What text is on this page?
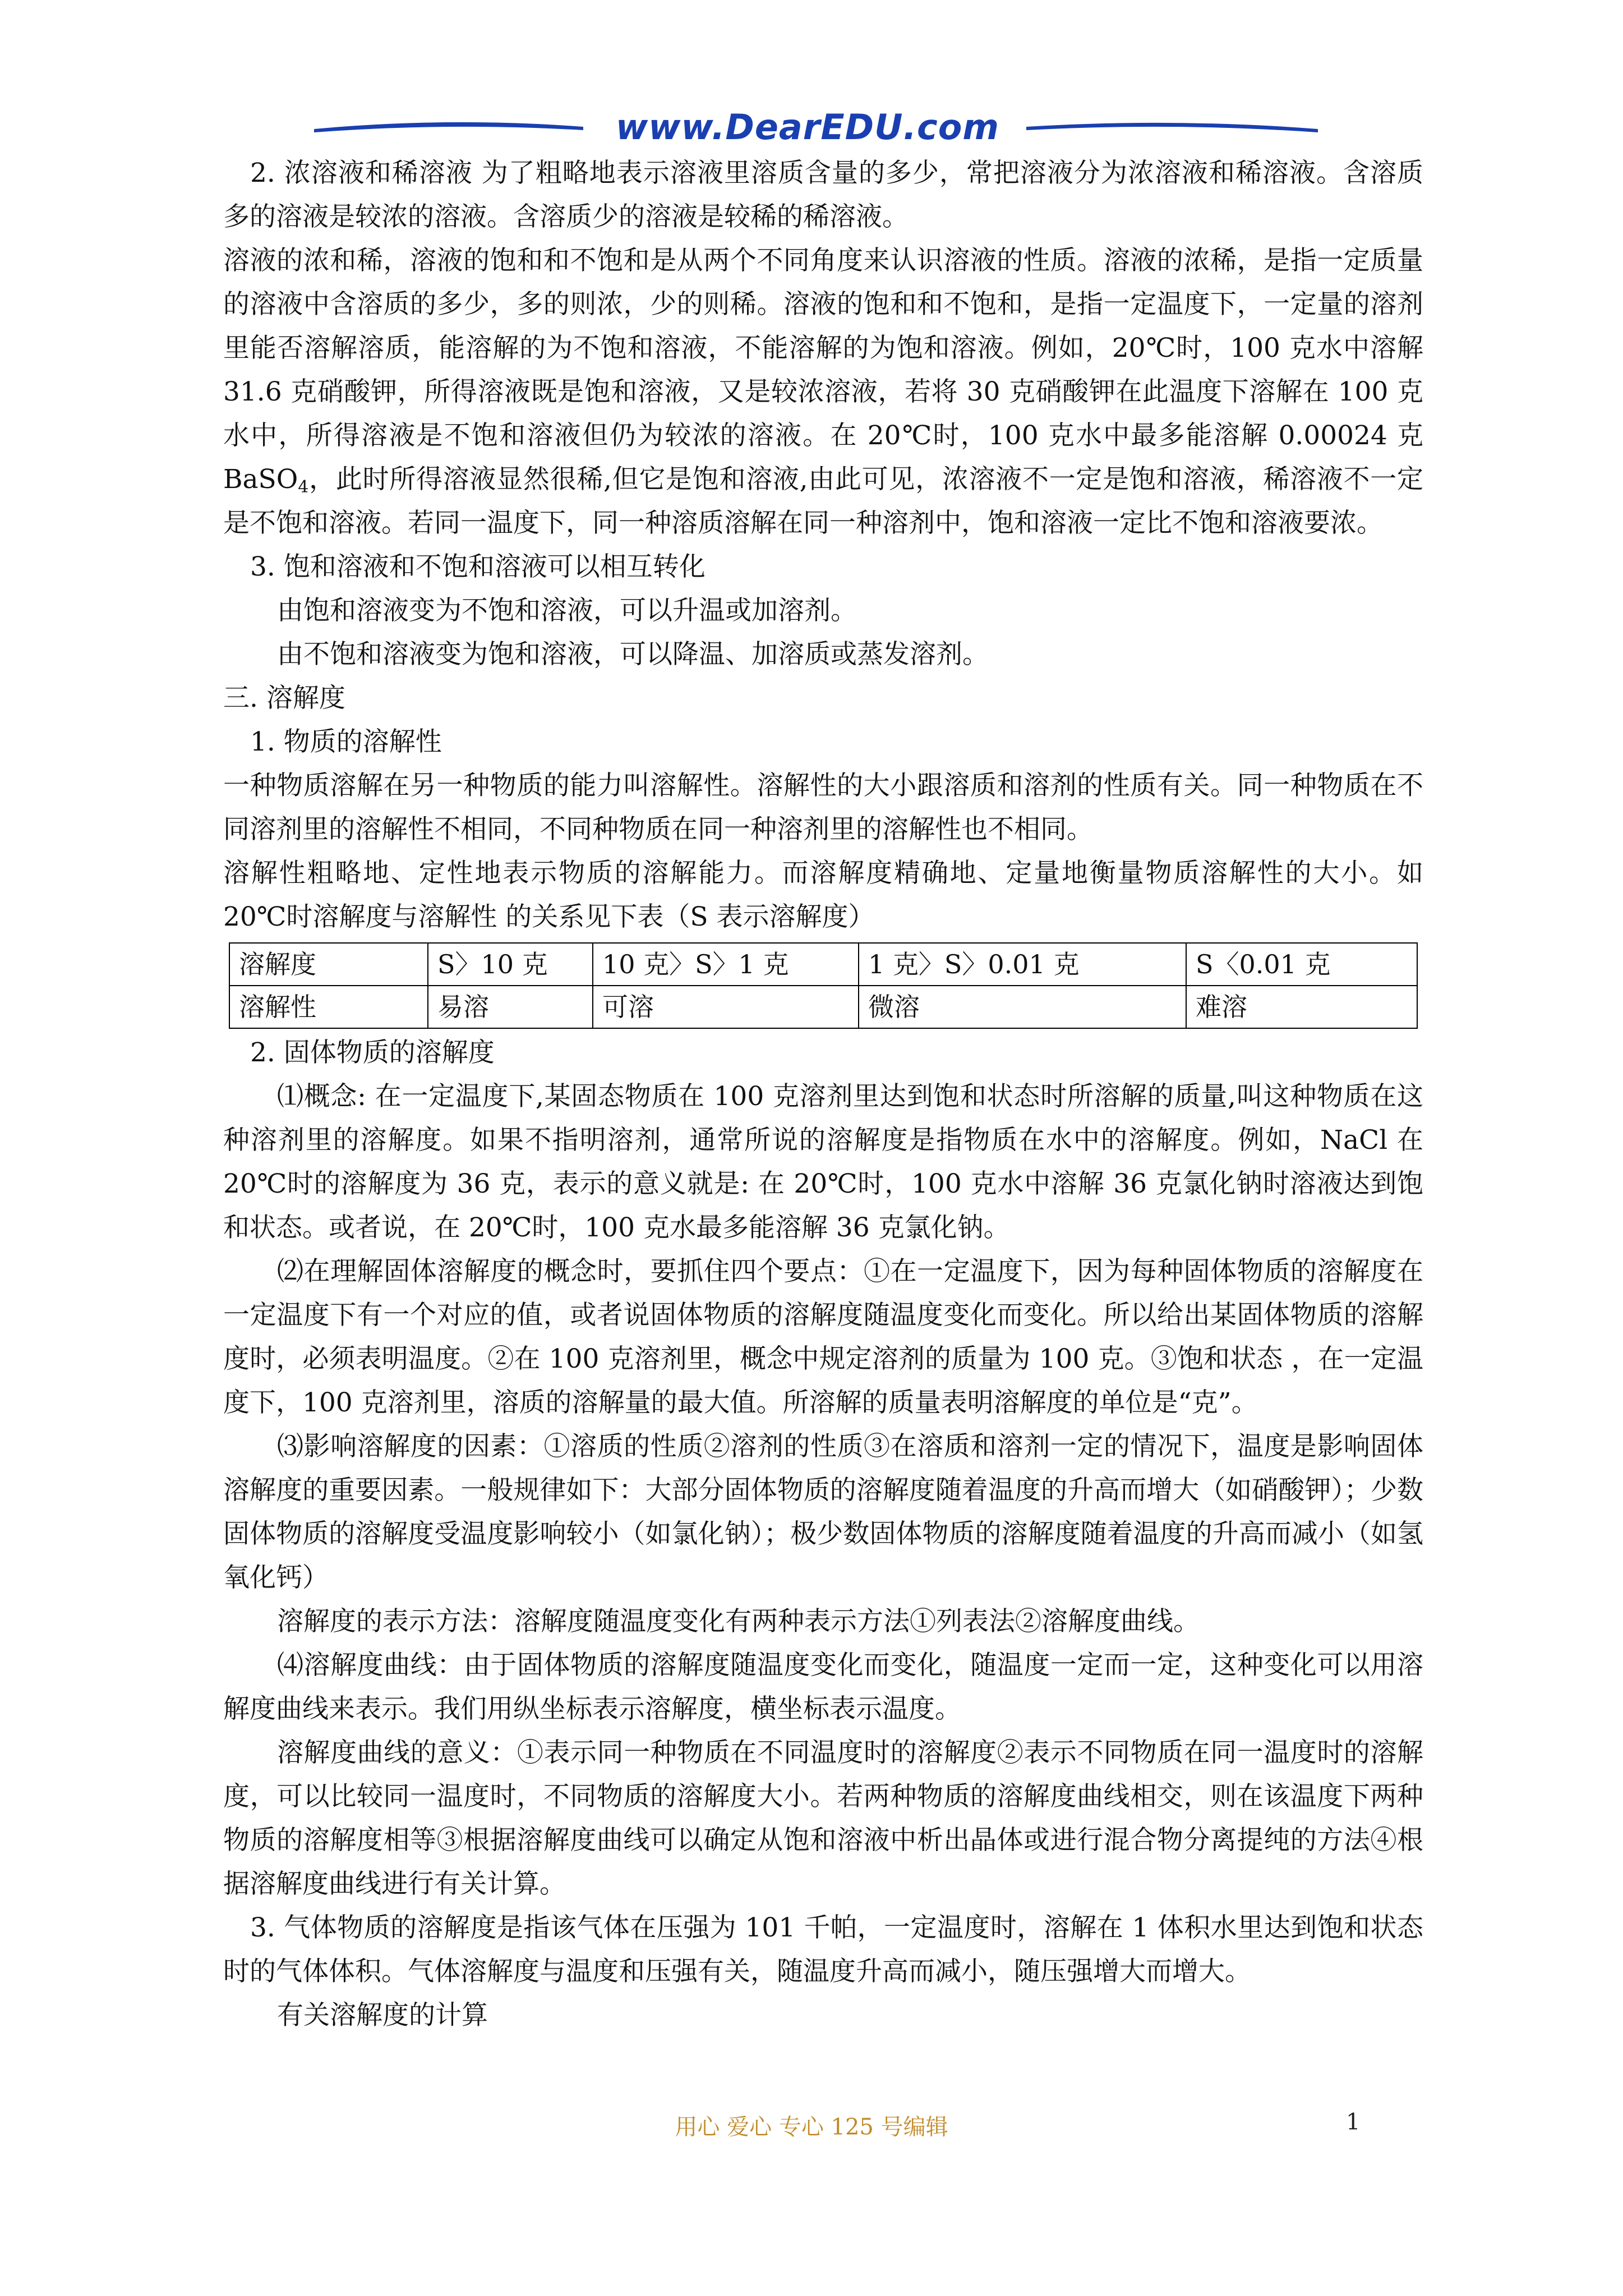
www.DearEDU.com

2. 浓溶液和稀溶液 为了粗略地表示溶液里溶质含量的多少，常把溶液分为浓溶液和稀溶液。含溶质多的溶液是较浓的溶液。含溶质少的溶液是较稀的稀溶液。

溶液的浓和稀，溶液的饱和和不饱和是从两个不同角度来认识溶液的性质。溶液的浓稀，是指一定质量的溶液中含溶质的多少，多的则浓，少的则稀。溶液的饱和和不饱和，是指一定温度下，一定量的溶剂里能否溶解溶质，能溶解的为不饱和溶液，不能溶解的为饱和溶液。例如，20℃时，100 克水中溶解 31.6 克硝酸钾，所得溶液既是饱和溶液，又是较浓溶液，若将 30 克硝酸钾在此温度下溶解在 100 克水中，所得溶液是不饱和溶液但仍为较浓的溶液。在 20℃时，100 克水中最多能溶解 0.00024 克 BaSO$_4$，此时所得溶液显然很稀,但它是饱和溶液,由此可见，浓溶液不一定是饱和溶液，稀溶液不一定是不饱和溶液。若同一温度下，同一种溶质溶解在同一种溶剂中，饱和溶液一定比不饱和溶液要浓。

3. 饱和溶液和不饱和溶液可以相互转化

由饱和溶液变为不饱和溶液，可以升温或加溶剂。

由不饱和溶液变为饱和溶液，可以降温、加溶质或蒸发溶剂。

三. 溶解度

1. 物质的溶解性

一种物质溶解在另一种物质的能力叫溶解性。溶解性的大小跟溶质和溶剂的性质有关。同一种物质在不同溶剂里的溶解性不相同，不同种物质在同一种溶剂里的溶解性也不相同。

溶解性粗略地、定性地表示物质的溶解能力。而溶解度精确地、定量地衡量物质溶解性的大小。如 20℃时溶解度与溶解性 的关系见下表（S 表示溶解度）

溶解度	S〉10 克	10 克〉S〉1 克	1 克〉S〉0.01 克	S〈0.01 克
溶解性	易溶	可溶	微溶	难溶

2. 固体物质的溶解度

⑴概念: 在一定温度下,某固态物质在 100 克溶剂里达到饱和状态时所溶解的质量,叫这种物质在这种溶剂里的溶解度。如果不指明溶剂，通常所说的溶解度是指物质在水中的溶解度。例如，NaCl 在 20℃时的溶解度为 36 克，表示的意义就是: 在 20℃时，100 克水中溶解 36 克氯化钠时溶液达到饱和状态。或者说，在 20℃时，100 克水最多能溶解 36 克氯化钠。

⑵在理解固体溶解度的概念时，要抓住四个要点：①在一定温度下，因为每种固体物质的溶解度在一定温度下有一个对应的值，或者说固体物质的溶解度随温度变化而变化。所以给出某固体物质的溶解度时，必须表明温度。②在 100 克溶剂里，概念中规定溶剂的质量为 100 克。③饱和状态 ，在一定温度下，100 克溶剂里，溶质的溶解量的最大值。所溶解的质量表明溶解度的单位是“克”。

⑶影响溶解度的因素：①溶质的性质②溶剂的性质③在溶质和溶剂一定的情况下，温度是影响固体溶解度的重要因素。一般规律如下：大部分固体物质的溶解度随着温度的升高而增大（如硝酸钾）；少数固体物质的溶解度受温度影响较小（如氯化钠）；极少数固体物质的溶解度随着温度的升高而减小（如氢氧化钙）

溶解度的表示方法：溶解度随温度变化有两种表示方法①列表法②溶解度曲线。

⑷溶解度曲线：由于固体物质的溶解度随温度变化而变化，随温度一定而一定，这种变化可以用溶解度曲线来表示。我们用纵坐标表示溶解度，横坐标表示温度。

溶解度曲线的意义：①表示同一种物质在不同温度时的溶解度②表示不同物质在同一温度时的溶解度，可以比较同一温度时，不同物质的溶解度大小。若两种物质的溶解度曲线相交，则在该温度下两种物质的溶解度相等③根据溶解度曲线可以确定从饱和溶液中析出晶体或进行混合物分离提纯的方法④根据溶解度曲线进行有关计算。

3. 气体物质的溶解度是指该气体在压强为 101 千帕，一定温度时，溶解在 1 体积水里达到饱和状态时的气体体积。气体溶解度与温度和压强有关，随温度升高而减小，随压强增大而增大。

有关溶解度的计算

用心 爱心 专心 125 号编辑	1
